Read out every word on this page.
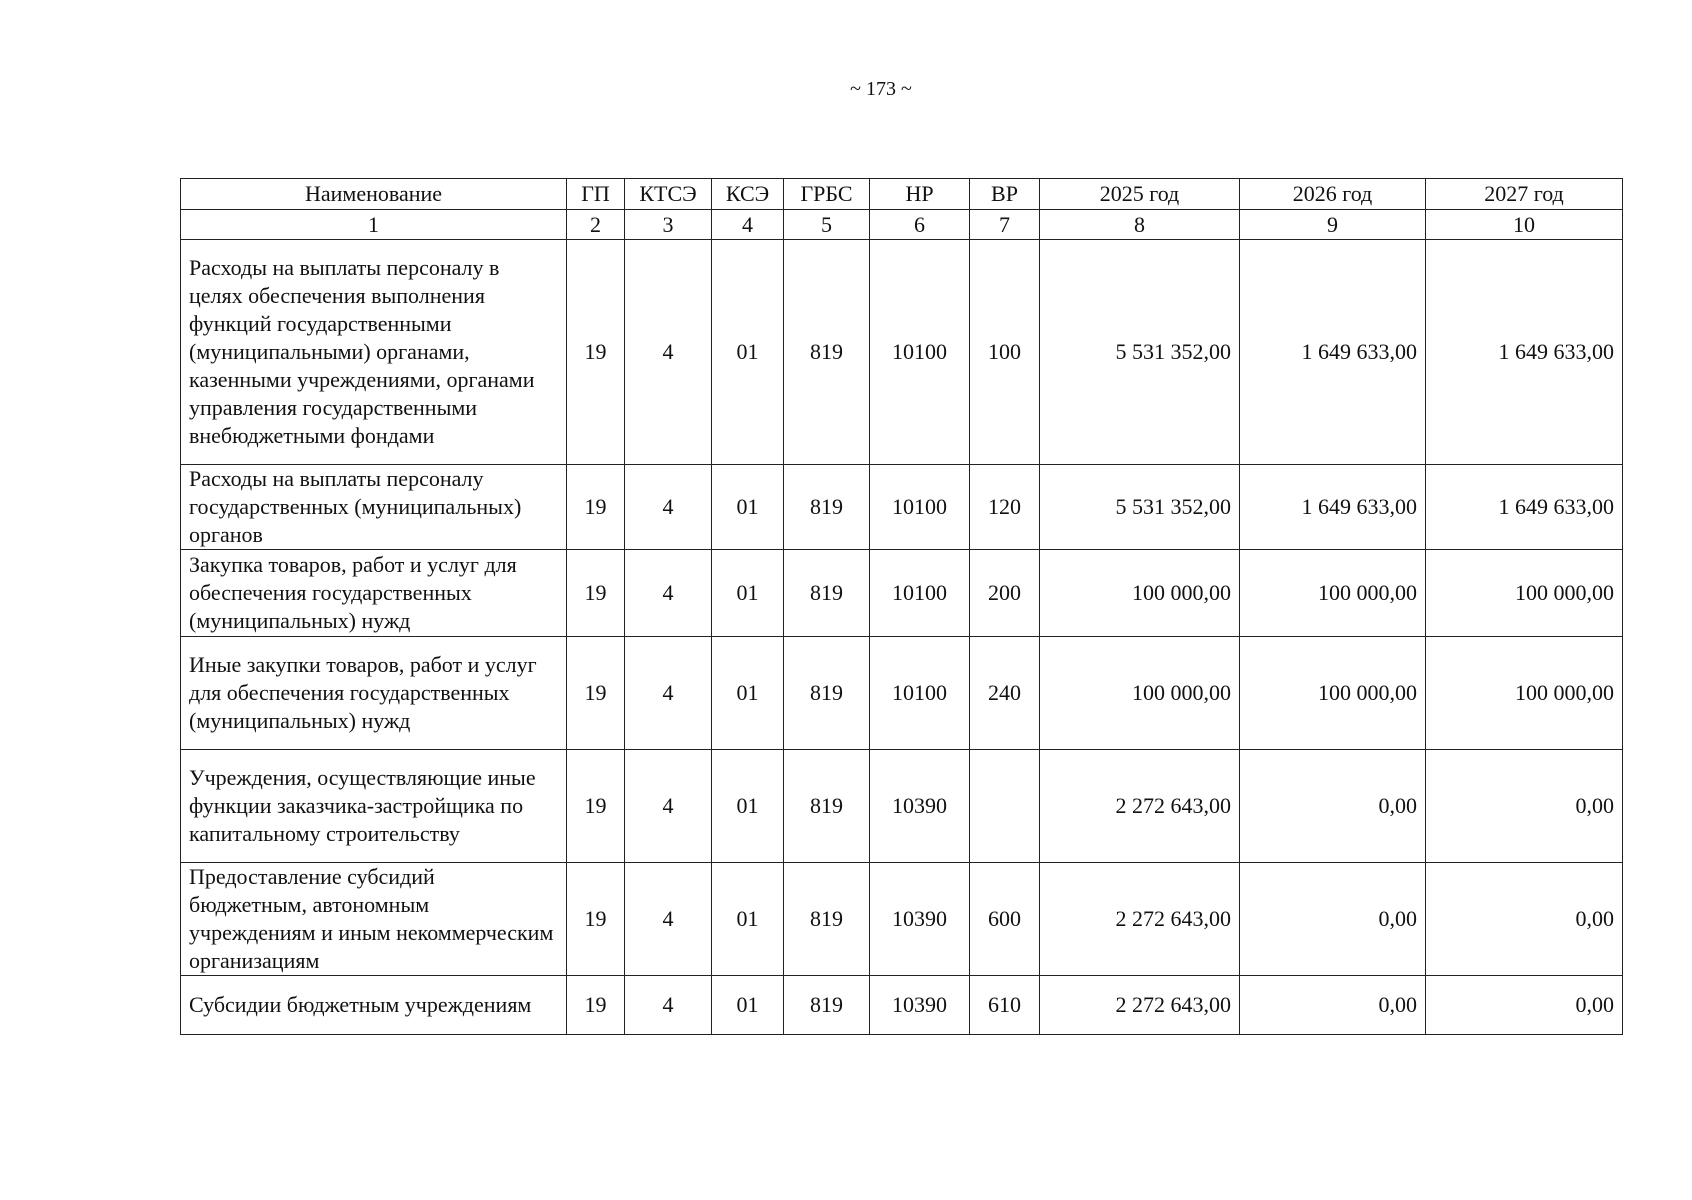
~ 173 ~
Наименование	ГП	КТСЭ	КСЭ	ГРБС	НР	ВР	2025 год	2026 год	2027 год
1	2	3	4	5	6	7	8	9	10
Расходы на выплаты персоналу в целях обеспечения выполнения функций государственными (муниципальными) органами, казенными учреждениями, органами управления государственными внебюджетными фондами	19	4	01	819	10100	100	5 531 352,00	1 649 633,00	1 649 633,00
Расходы на выплаты персоналу государственных (муниципальных) органов	19	4	01	819	10100	120	5 531 352,00	1 649 633,00	1 649 633,00
Закупка товаров, работ и услуг для обеспечения государственных (муниципальных) нужд	19	4	01	819	10100	200	100 000,00	100 000,00	100 000,00
Иные закупки товаров, работ и услуг для обеспечения государственных (муниципальных) нужд	19	4	01	819	10100	240	100 000,00	100 000,00	100 000,00
Учреждения, осуществляющие иные функции заказчика-застройщика по капитальному строительству	19	4	01	819	10390		2 272 643,00	0,00	0,00
Предоставление субсидий бюджетным, автономным учреждениям и иным некоммерческим организациям	19	4	01	819	10390	600	2 272 643,00	0,00	0,00
Субсидии бюджетным учреждениям	19	4	01	819	10390	610	2 272 643,00	0,00	0,00
